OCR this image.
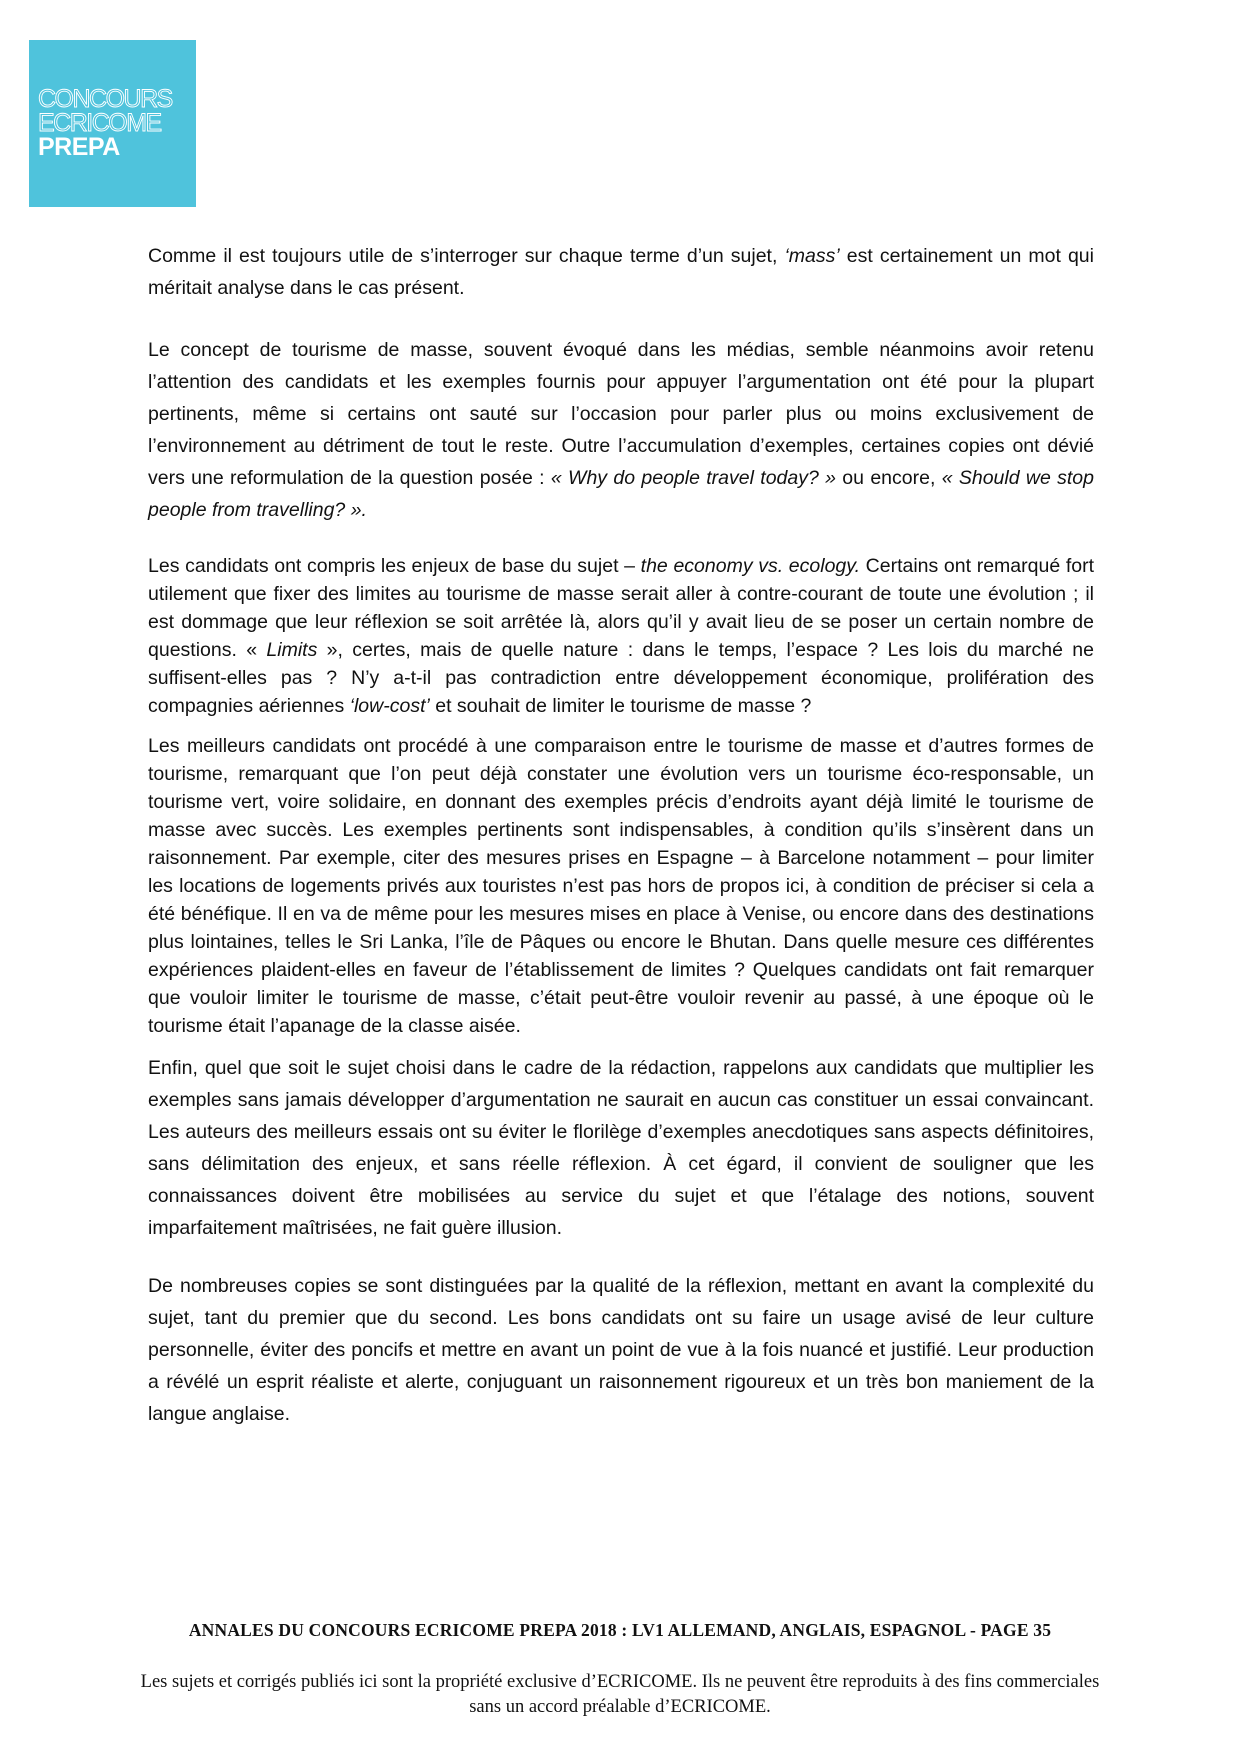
CONCOURS
ECRICOME
PREPA

Comme il est toujours utile de s’interroger sur chaque terme d’un sujet, ‘mass’ est certainement un mot qui méritait analyse dans le cas présent.

Le concept de tourisme de masse, souvent évoqué dans les médias, semble néanmoins avoir retenu l’attention des candidats et les exemples fournis pour appuyer l’argumentation ont été pour la plupart pertinents, même si certains ont sauté sur l’occasion pour parler plus ou moins exclusivement de l’environnement au détriment de tout le reste. Outre l’accumulation d’exemples, certaines copies ont dévié vers une reformulation de la question posée : « Why do people travel today? » ou encore, « Should we stop people from travelling? ».

Les candidats ont compris les enjeux de base du sujet – the economy vs. ecology. Certains ont remarqué fort utilement que fixer des limites au tourisme de masse serait aller à contre-courant de toute une évolution ; il est dommage que leur réflexion se soit arrêtée là, alors qu’il y avait lieu de se poser un certain nombre de questions. « Limits », certes, mais de quelle nature : dans le temps, l’espace ? Les lois du marché ne suffisent-elles pas ? N’y a-t-il pas contradiction entre développement économique, prolifération des compagnies aériennes ‘low-cost’ et souhait de limiter le tourisme de masse ?

Les meilleurs candidats ont procédé à une comparaison entre le tourisme de masse et d’autres formes de tourisme, remarquant que l’on peut déjà constater une évolution vers un tourisme éco-responsable, un tourisme vert, voire solidaire, en donnant des exemples précis d’endroits ayant déjà limité le tourisme de masse avec succès. Les exemples pertinents sont indispensables, à condition qu’ils s’insèrent dans un raisonnement. Par exemple, citer des mesures prises en Espagne – à Barcelone notamment – pour limiter les locations de logements privés aux touristes n’est pas hors de propos ici, à condition de préciser si cela a été bénéfique. Il en va de même pour les mesures mises en place à Venise, ou encore dans des destinations plus lointaines, telles le Sri Lanka, l’île de Pâques ou encore le Bhutan. Dans quelle mesure ces différentes expériences plaident-elles en faveur de l’établissement de limites ? Quelques candidats ont fait remarquer que vouloir limiter le tourisme de masse, c’était peut-être vouloir revenir au passé, à une époque où le tourisme était l’apanage de la classe aisée.

Enfin, quel que soit le sujet choisi dans le cadre de la rédaction, rappelons aux candidats que multiplier les exemples sans jamais développer d’argumentation ne saurait en aucun cas constituer un essai convaincant. Les auteurs des meilleurs essais ont su éviter le florilège d’exemples anecdotiques sans aspects définitoires, sans délimitation des enjeux, et sans réelle réflexion. À cet égard, il convient de souligner que les connaissances doivent être mobilisées au service du sujet et que l’étalage des notions, souvent imparfaitement maîtrisées, ne fait guère illusion.

De nombreuses copies se sont distinguées par la qualité de la réflexion, mettant en avant la complexité du sujet, tant du premier que du second. Les bons candidats ont su faire un usage avisé de leur culture personnelle, éviter des poncifs et mettre en avant un point de vue à la fois nuancé et justifié. Leur production a révélé un esprit réaliste et alerte, conjuguant un raisonnement rigoureux et un très bon maniement de la langue anglaise.

ANNALES DU CONCOURS ECRICOME PREPA 2018 : LV1 ALLEMAND, ANGLAIS, ESPAGNOL - PAGE 35
Les sujets et corrigés publiés ici sont la propriété exclusive d’ECRICOME. Ils ne peuvent être reproduits à des fins commerciales sans un accord préalable d’ECRICOME.
